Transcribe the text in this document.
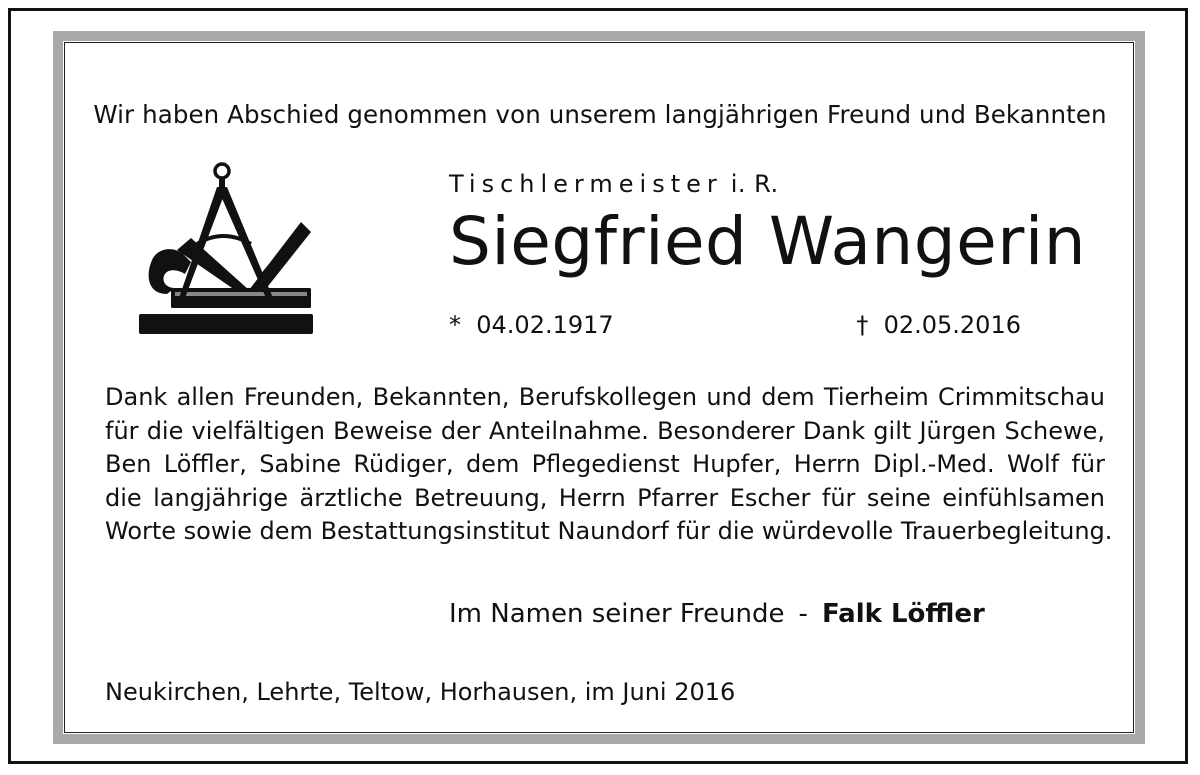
Wir haben Abschied genommen von unserem langjährigen Freund und Bekannten
Tischlermeister i. R.
Siegfried Wangerin
* 04.02.1917	† 02.05.2016
Dank allen Freunden, Bekannten, Berufskollegen und dem Tierheim Crimmitschau
für die vielfältigen Beweise der Anteilnahme. Besonderer Dank gilt Jürgen Schewe,
Ben Löffler, Sabine Rüdiger, dem Pflegedienst Hupfer, Herrn Dipl.-Med. Wolf für
die langjährige ärztliche Betreuung, Herrn Pfarrer Escher für seine einfühlsamen
Worte sowie dem Bestattungsinstitut Naundorf für die würdevolle Trauerbegleitung.
Im Namen seiner Freunde - Falk Löffler
Neukirchen, Lehrte, Teltow, Horhausen, im Juni 2016
